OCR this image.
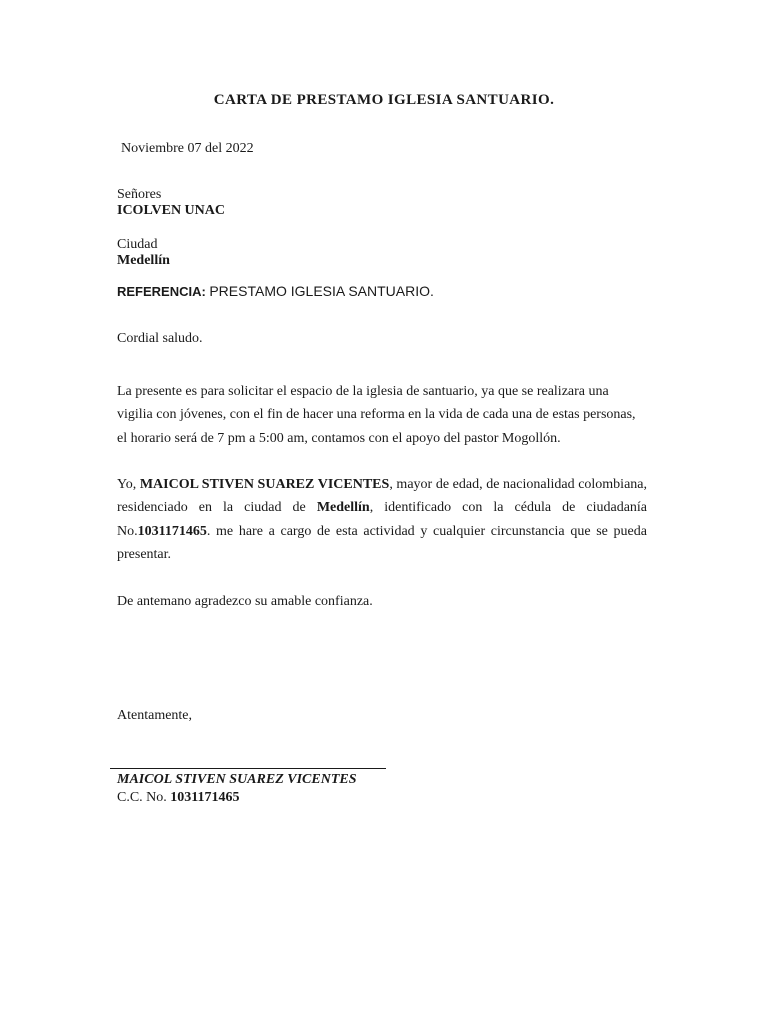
CARTA DE PRESTAMO IGLESIA SANTUARIO.
Noviembre 07 del 2022
Señores
ICOLVEN UNAC
Ciudad
Medellín
REFERENCIA: PRESTAMO IGLESIA SANTUARIO.
Cordial saludo.
La presente es para solicitar el espacio de la iglesia de santuario, ya que se realizara una
vigilia con jóvenes, con el fin de hacer una reforma en la vida de cada una de estas personas,
el horario será de 7 pm a 5:00 am, contamos con el apoyo del pastor Mogollón.
Yo, MAICOL STIVEN SUAREZ VICENTES, mayor de edad, de nacionalidad colombiana, residenciado en la ciudad de Medellín, identificado con la cédula de ciudadanía No.1031171465. me hare a cargo de esta actividad y cualquier circunstancia que se pueda presentar.
De antemano agradezco su amable confianza.
Atentamente,
MAICOL STIVEN SUAREZ VICENTES
C.C. No. 1031171465
